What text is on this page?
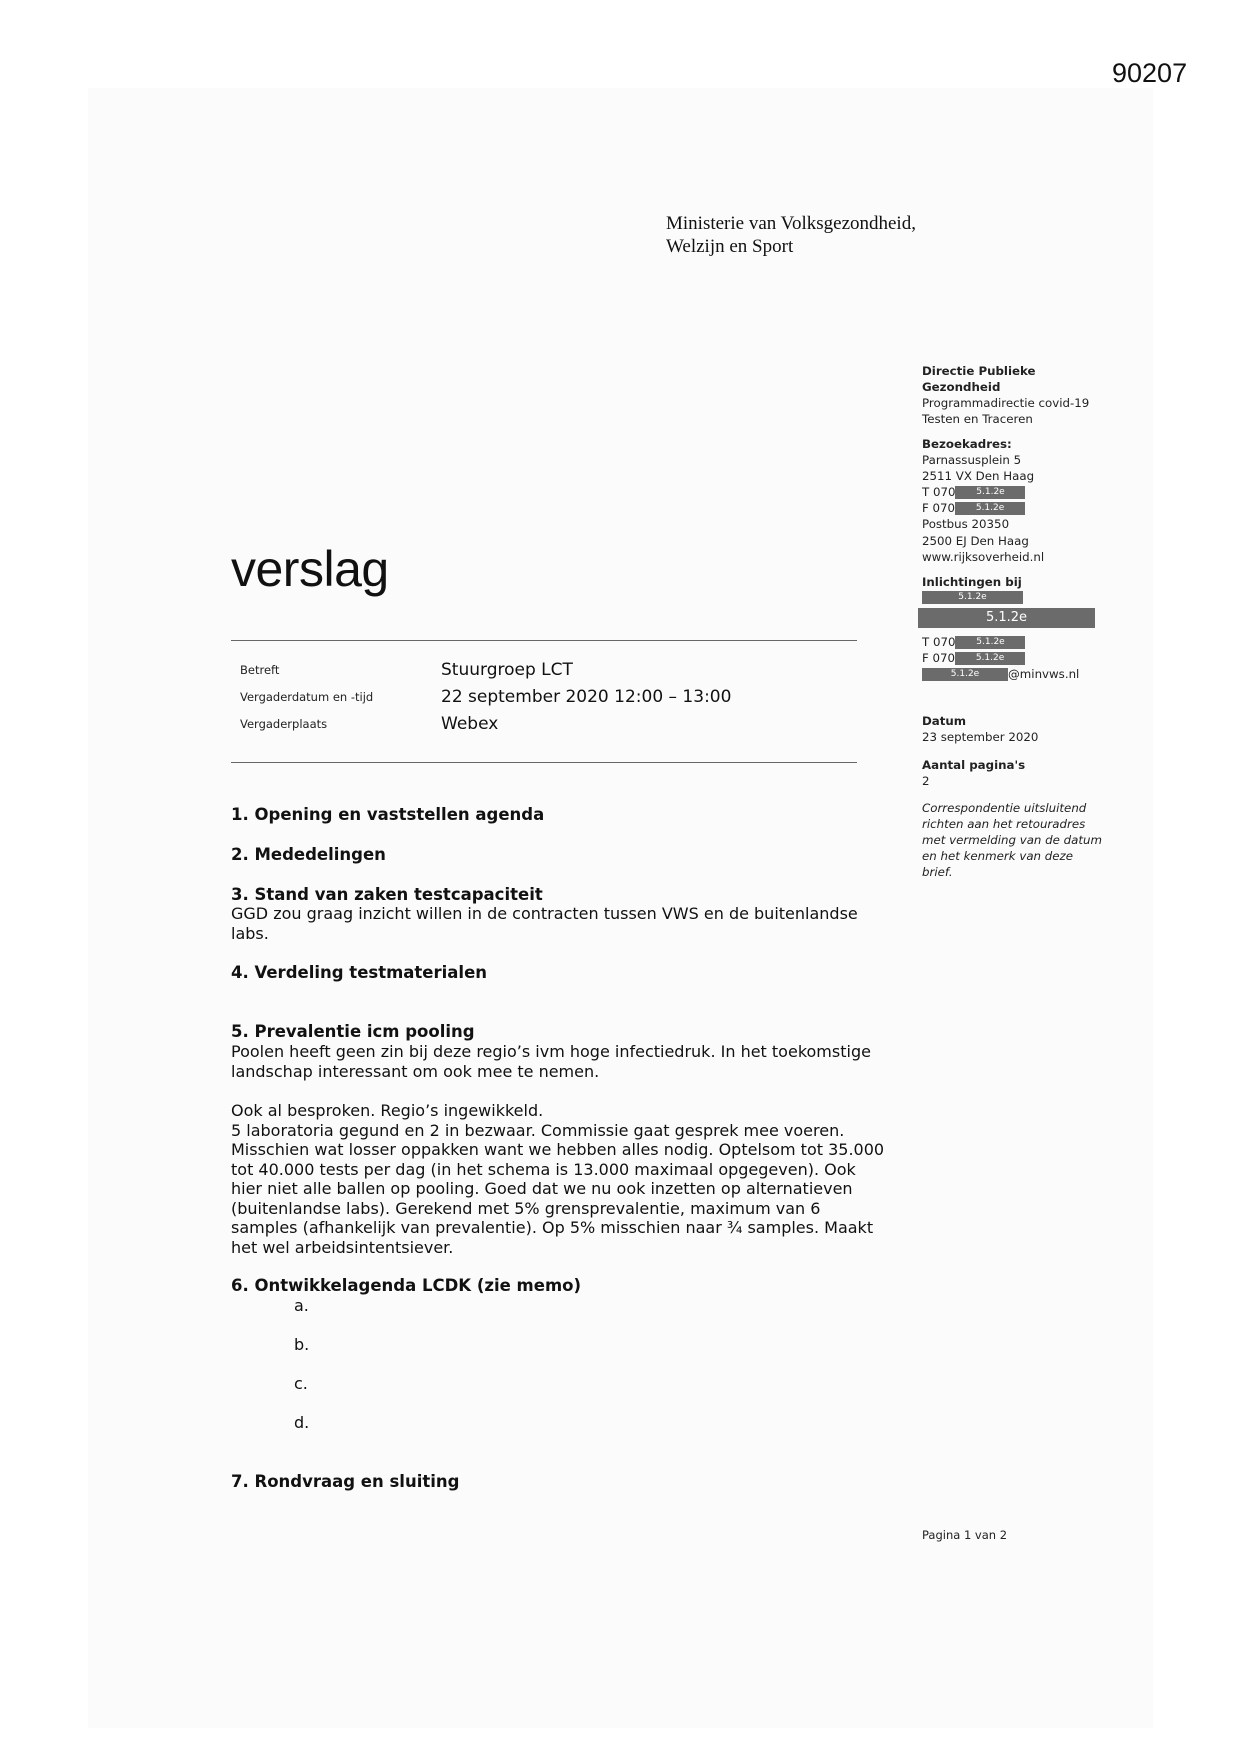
90207
Ministerie van Volksgezondheid,
Welzijn en Sport
verslag
Betreft	Stuurgroep LCT
Vergaderdatum en -tijd	22 september 2020 12:00 – 13:00
Vergaderplaats	Webex
1. Opening en vaststellen agenda
2. Mededelingen
3. Stand van zaken testcapaciteit
GGD zou graag inzicht willen in de contracten tussen VWS en de buitenlandse labs.
4. Verdeling testmaterialen
5. Prevalentie icm pooling
Poolen heeft geen zin bij deze regio’s ivm hoge infectiedruk. In het toekomstige landschap interessant om ook mee te nemen.
Ook al besproken. Regio’s ingewikkeld.
5 laboratoria gegund en 2 in bezwaar. Commissie gaat gesprek mee voeren. Misschien wat losser oppakken want we hebben alles nodig. Optelsom tot 35.000 tot 40.000 tests per dag (in het schema is 13.000 maximaal opgegeven). Ook hier niet alle ballen op pooling. Goed dat we nu ook inzetten op alternatieven (buitenlandse labs). Gerekend met 5% grensprevalentie, maximum van 6 samples (afhankelijk van prevalentie). Op 5% misschien naar ¾ samples. Maakt het wel arbeidsintentsiever.
6. Ontwikkelagenda LCDK (zie memo)
a.
b.
c.
d.
7. Rondvraag en sluiting
Directie Publieke
Gezondheid
Programmadirectie covid-19
Testen en Traceren
Bezoekadres:
Parnassusplein 5
2511 VX Den Haag
T 070 5.1.2e
F 070 5.1.2e
Postbus 20350
2500 EJ Den Haag
www.rijksoverheid.nl
Inlichtingen bij
5.1.2e
5.1.2e
T 070 5.1.2e
F 070 5.1.2e
5.1.2e @minvws.nl
Datum
23 september 2020
Aantal pagina's
2
Correspondentie uitsluitend
richten aan het retouradres
met vermelding van de datum
en het kenmerk van deze
brief.
Pagina 1 van 2
